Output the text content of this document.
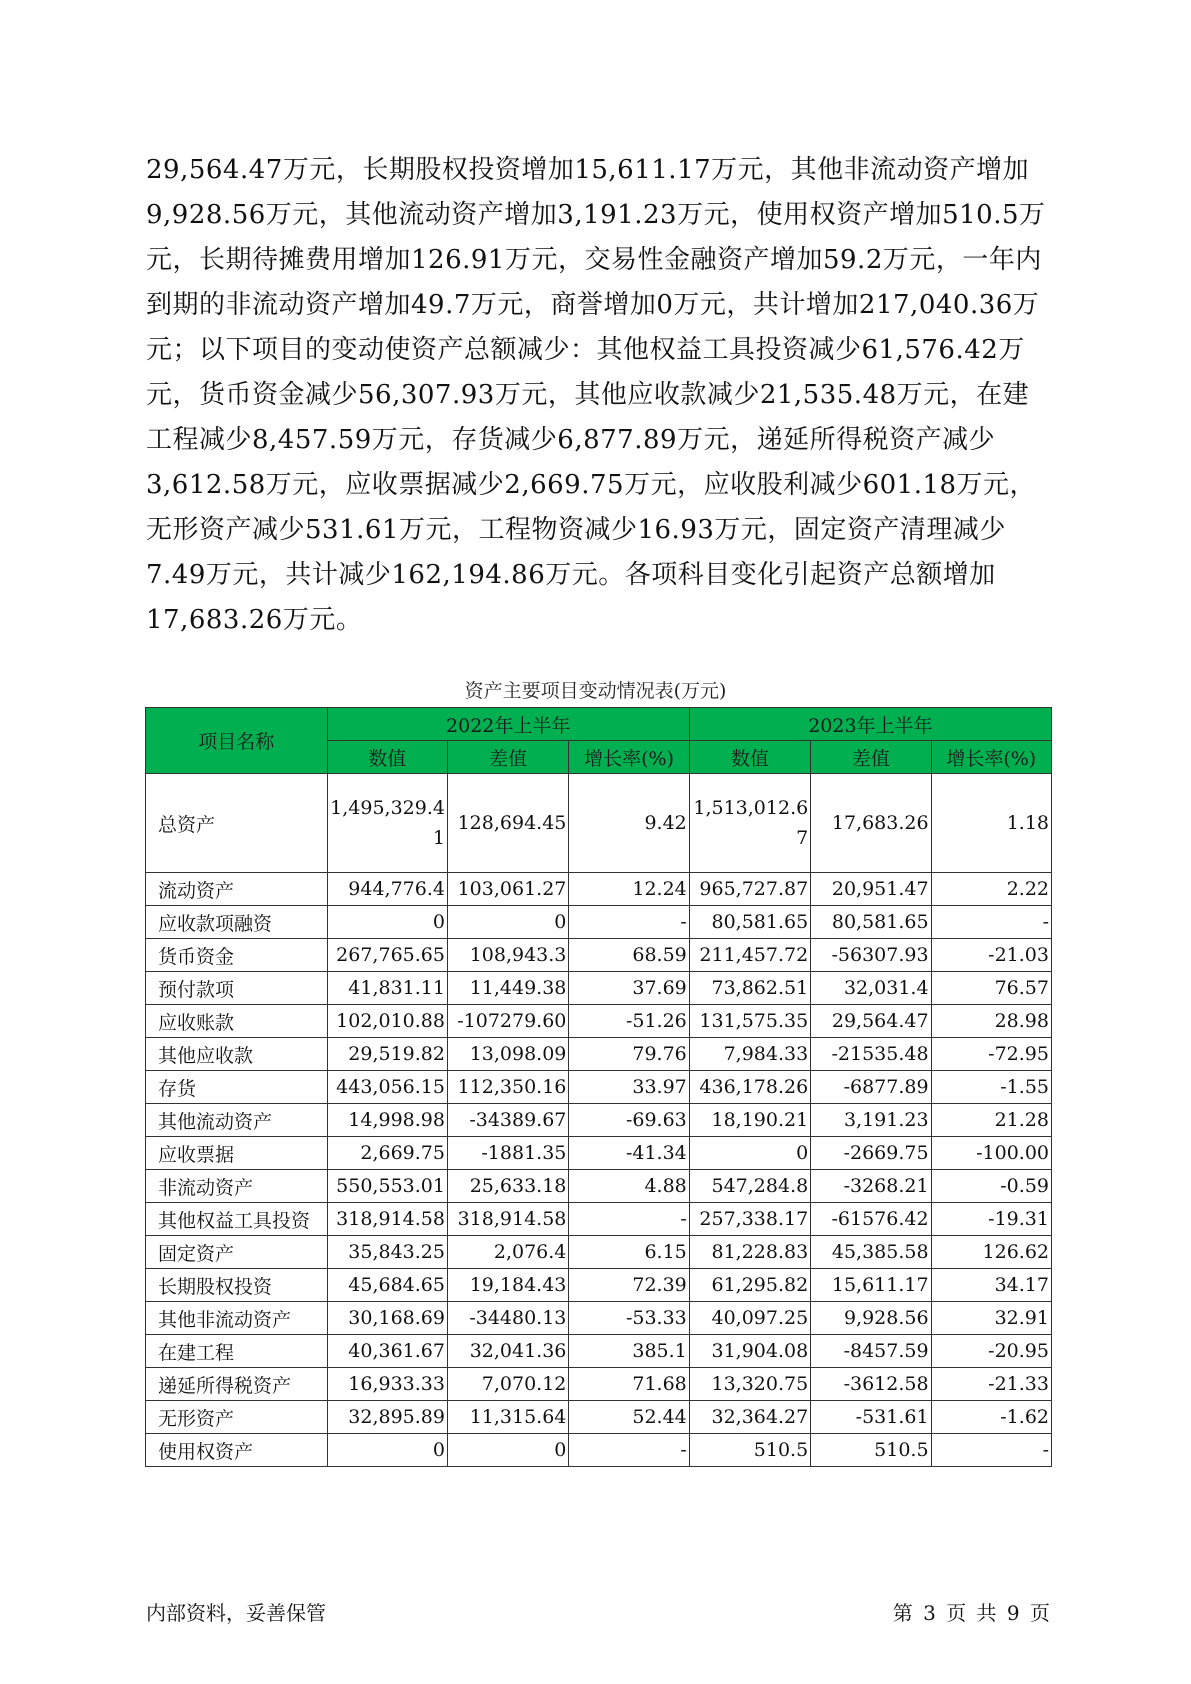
29,564.47万元，长期股权投资增加15,611.17万元，其他非流动资产增加9,928.56万元，其他流动资产增加3,191.23万元，使用权资产增加510.5万元，长期待摊费用增加126.91万元，交易性金融资产增加59.2万元，一年内到期的非流动资产增加49.7万元，商誉增加0万元，共计增加217,040.36万元；以下项目的变动使资产总额减少：其他权益工具投资减少61,576.42万元，货币资金减少56,307.93万元，其他应收款减少21,535.48万元，在建工程减少8,457.59万元，存货减少6,877.89万元，递延所得税资产减少3,612.58万元，应收票据减少2,669.75万元，应收股利减少601.18万元，无形资产减少531.61万元，工程物资减少16.93万元，固定资产清理减少7.49万元，共计减少162,194.86万元。各项科目变化引起资产总额增加17,683.26万元。

资产主要项目变动情况表(万元)
项目名称	2022年上半年			2023年上半年		
	数值	差值	增长率(%)	数值	差值	增长率(%)
总资产	1,495,329.41	128,694.45	9.42	1,513,012.67	17,683.26	1.18
流动资产	944,776.4	103,061.27	12.24	965,727.87	20,951.47	2.22
应收款项融资	0	0	-	80,581.65	80,581.65	-
货币资金	267,765.65	108,943.3	68.59	211,457.72	-56307.93	-21.03
预付款项	41,831.11	11,449.38	37.69	73,862.51	32,031.4	76.57
应收账款	102,010.88	-107279.60	-51.26	131,575.35	29,564.47	28.98
其他应收款	29,519.82	13,098.09	79.76	7,984.33	-21535.48	-72.95
存货	443,056.15	112,350.16	33.97	436,178.26	-6877.89	-1.55
其他流动资产	14,998.98	-34389.67	-69.63	18,190.21	3,191.23	21.28
应收票据	2,669.75	-1881.35	-41.34	0	-2669.75	-100.00
非流动资产	550,553.01	25,633.18	4.88	547,284.8	-3268.21	-0.59
其他权益工具投资	318,914.58	318,914.58	-	257,338.17	-61576.42	-19.31
固定资产	35,843.25	2,076.4	6.15	81,228.83	45,385.58	126.62
长期股权投资	45,684.65	19,184.43	72.39	61,295.82	15,611.17	34.17
其他非流动资产	30,168.69	-34480.13	-53.33	40,097.25	9,928.56	32.91
在建工程	40,361.67	32,041.36	385.1	31,904.08	-8457.59	-20.95
递延所得税资产	16,933.33	7,070.12	71.68	13,320.75	-3612.58	-21.33
无形资产	32,895.89	11,315.64	52.44	32,364.27	-531.61	-1.62
使用权资产	0	0	-	510.5	510.5	-
内部资料，妥善保管	第 3 页 共 9 页
